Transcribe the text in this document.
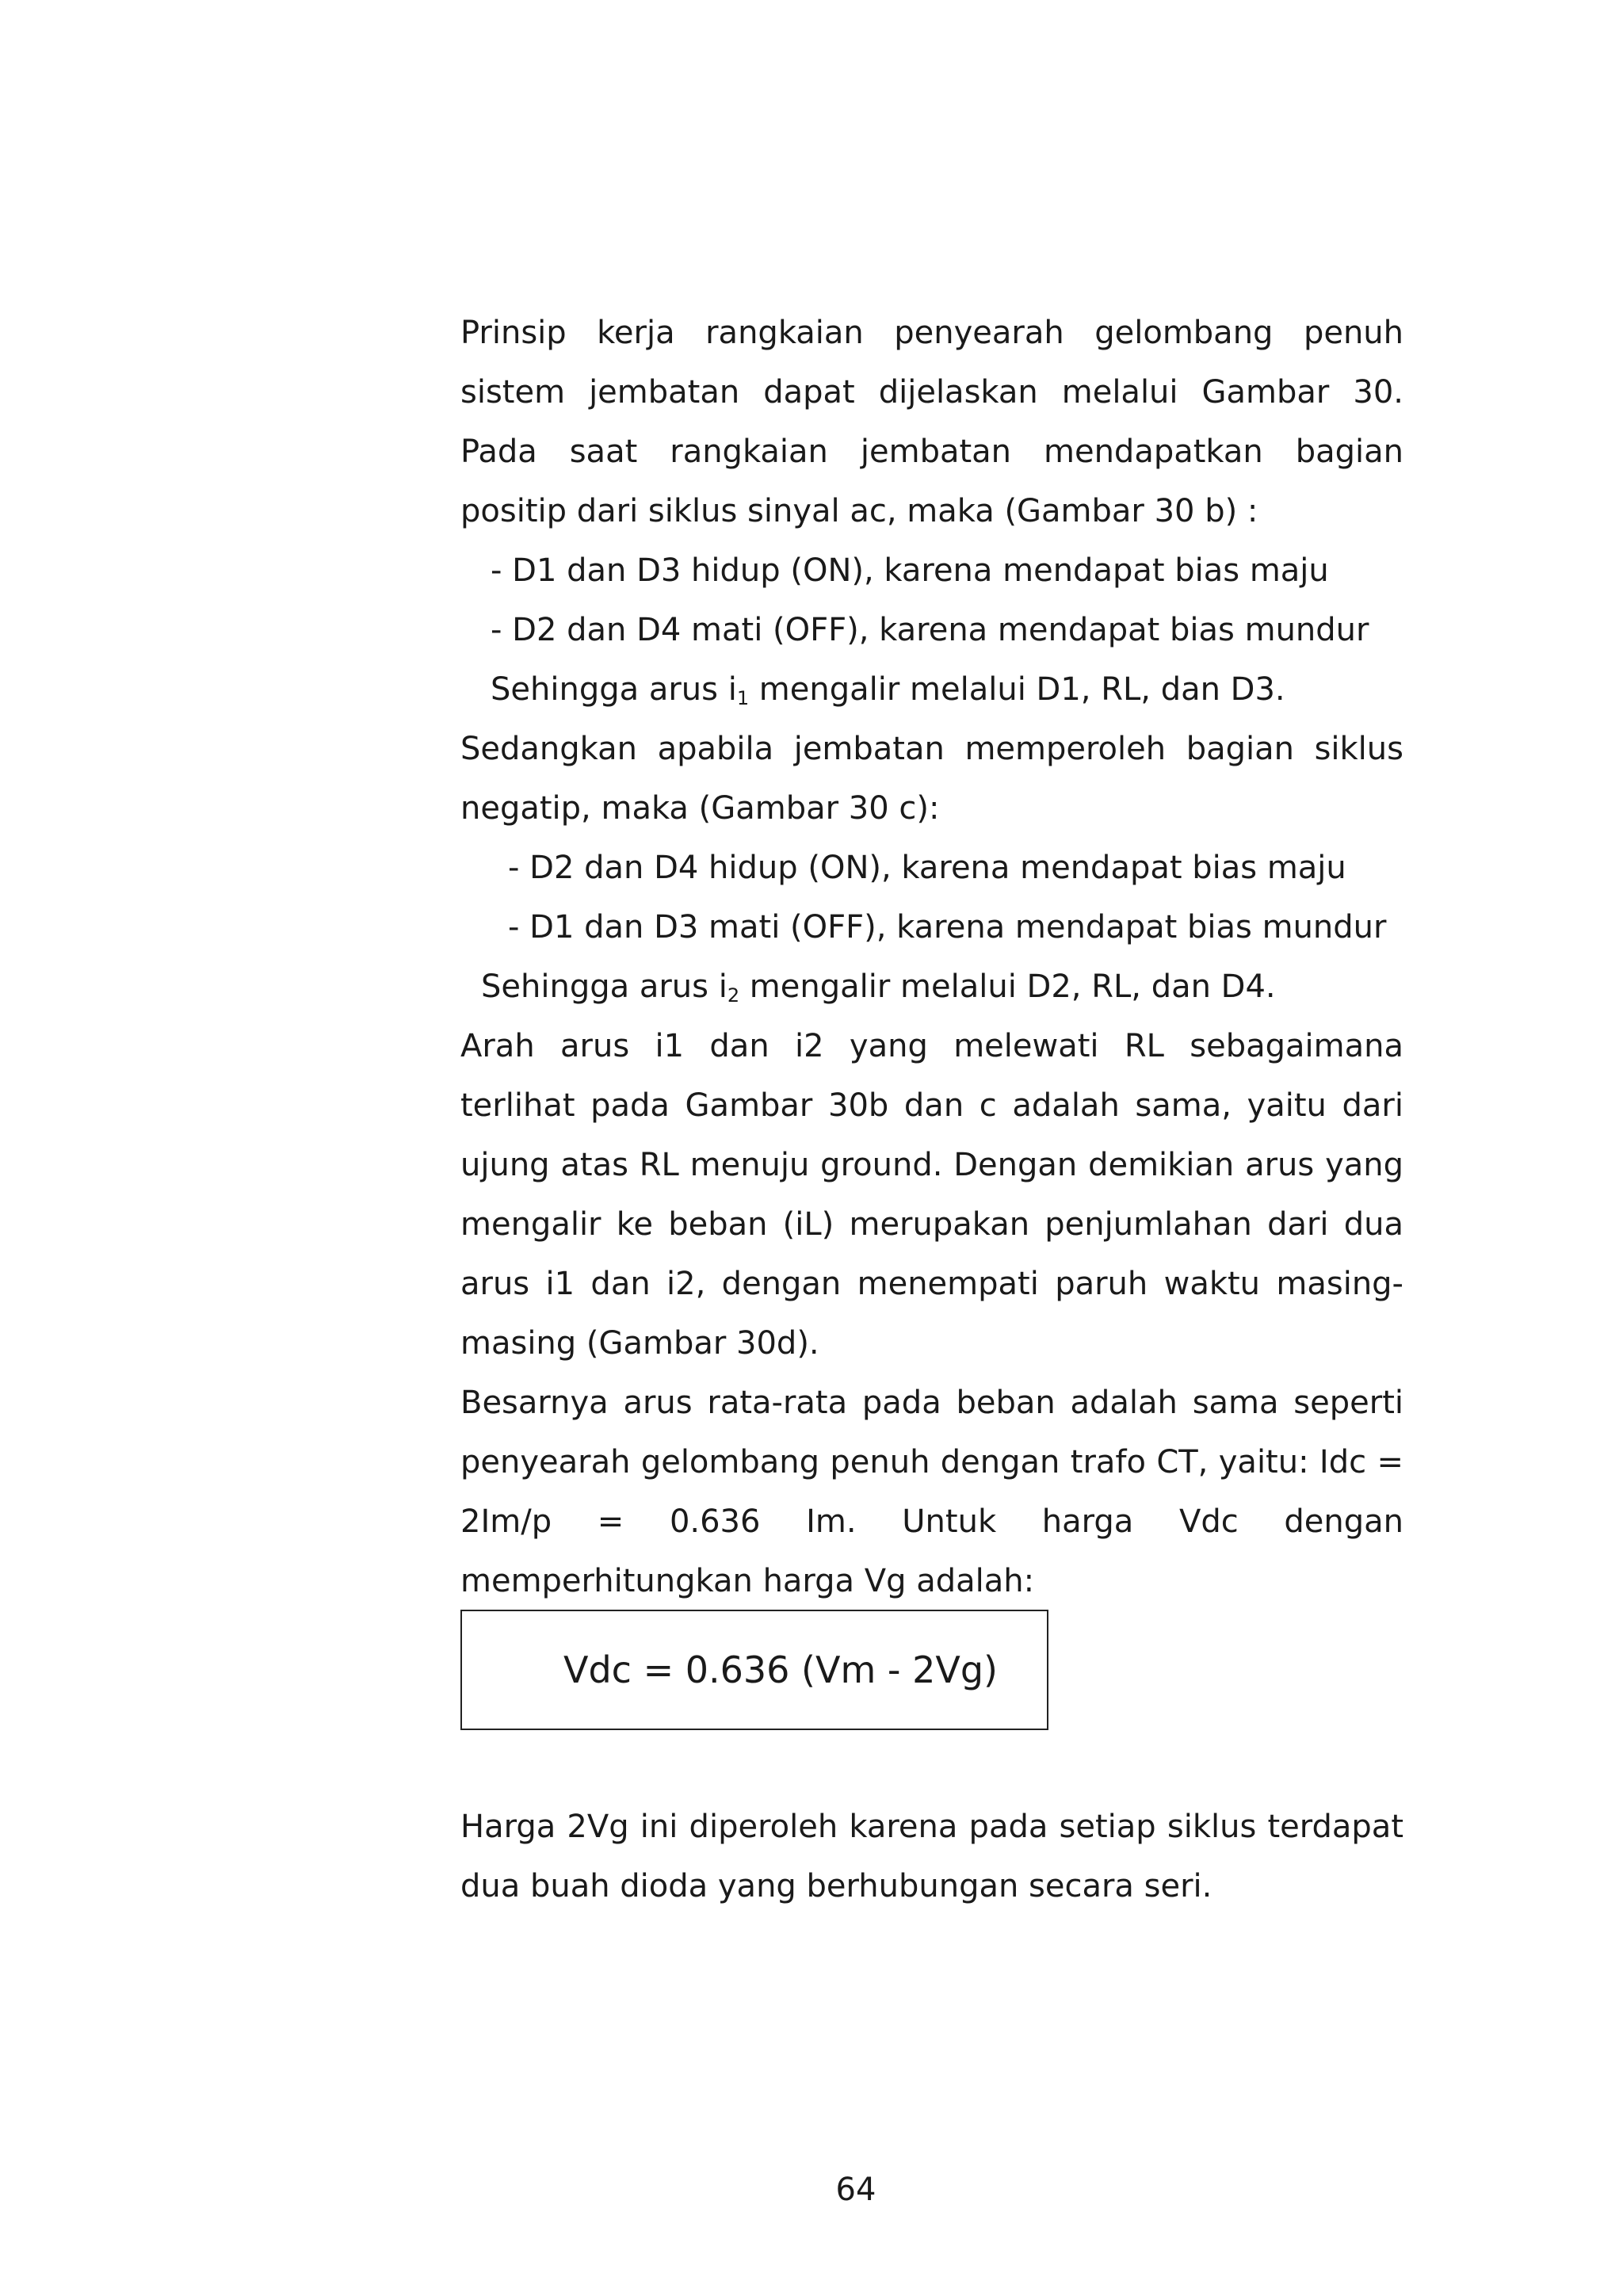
Prinsip kerja rangkaian penyearah gelombang penuh sistem jembatan dapat dijelaskan melalui Gambar 30. Pada saat rangkaian jembatan mendapatkan bagian positip dari siklus sinyal ac, maka (Gambar 30 b) :

- D1 dan D3 hidup (ON), karena mendapat bias maju

- D2 dan D4 mati (OFF), karena mendapat bias mundur

Sehingga arus $i_1$ mengalir melalui D1, RL, dan D3.

Sedangkan apabila jembatan memperoleh bagian siklus negatip, maka (Gambar 30 c):

- D2 dan D4 hidup (ON), karena mendapat bias maju

- D1 dan D3 mati (OFF), karena mendapat bias mundur

Sehingga arus $i_2$ mengalir melalui D2, RL, dan D4.

Arah arus i1 dan i2 yang melewati RL sebagaimana terlihat pada Gambar 30b dan c adalah sama, yaitu dari ujung atas RL menuju ground. Dengan demikian arus yang mengalir ke beban (iL) merupakan penjumlahan dari dua arus i1 dan i2, dengan menempati paruh waktu masing-masing (Gambar 30d).

Besarnya arus rata-rata pada beban adalah sama seperti penyearah gelombang penuh dengan trafo CT, yaitu: Idc = 2Im/p = 0.636 Im. Untuk harga Vdc dengan memperhitungkan harga Vg adalah:

Vdc = 0.636 (Vm - 2Vg)

Harga 2Vg ini diperoleh karena pada setiap siklus terdapat dua buah dioda yang berhubungan secara seri.

64
